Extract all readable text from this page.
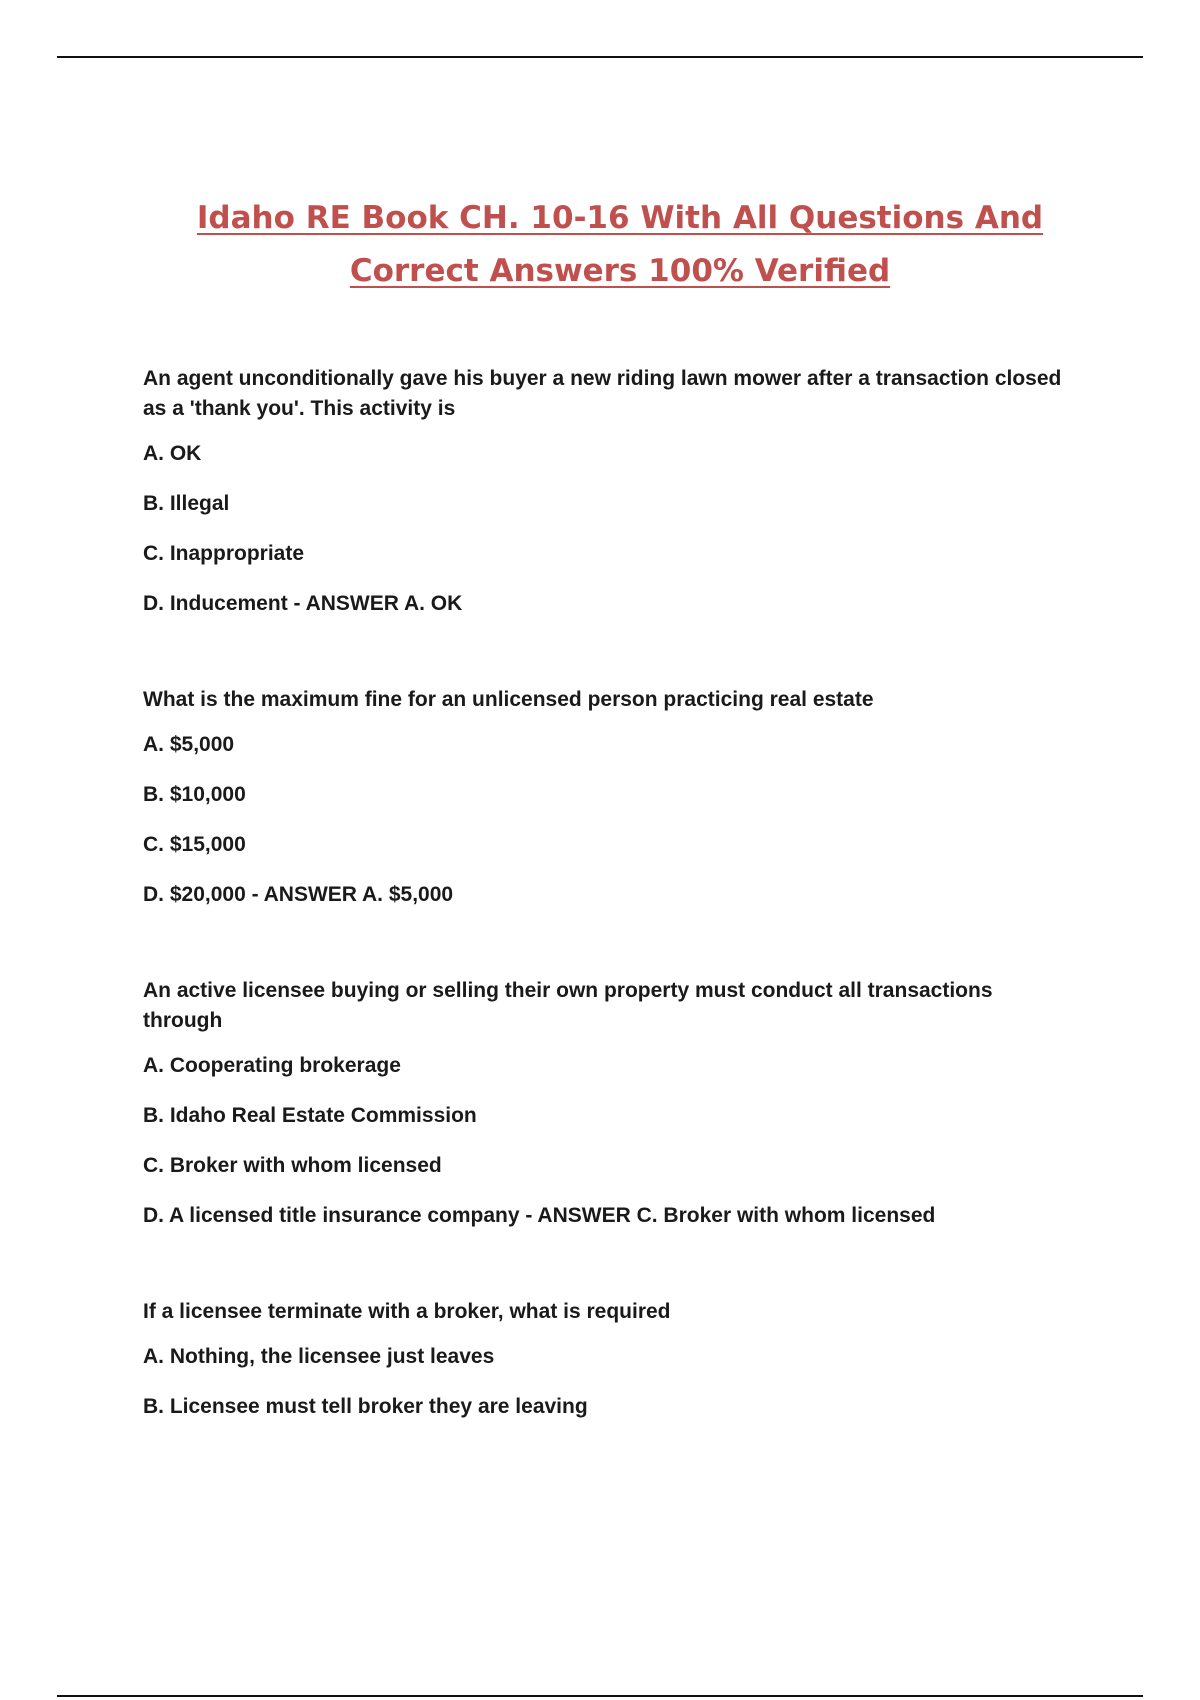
Idaho RE Book CH. 10-16 With All Questions And
Correct Answers 100% Verified
An agent unconditionally gave his buyer a new riding lawn mower after a transaction closed as a 'thank you'. This activity is
A. OK
B. Illegal
C. Inappropriate
D. Inducement - ANSWER A. OK
What is the maximum fine for an unlicensed person practicing real estate
A. $5,000
B. $10,000
C. $15,000
D. $20,000 - ANSWER A. $5,000
An active licensee buying or selling their own property must conduct all transactions through
A. Cooperating brokerage
B. Idaho Real Estate Commission
C. Broker with whom licensed
D. A licensed title insurance company - ANSWER C. Broker with whom licensed
If a licensee terminate with a broker, what is required
A. Nothing, the licensee just leaves
B. Licensee must tell broker they are leaving
